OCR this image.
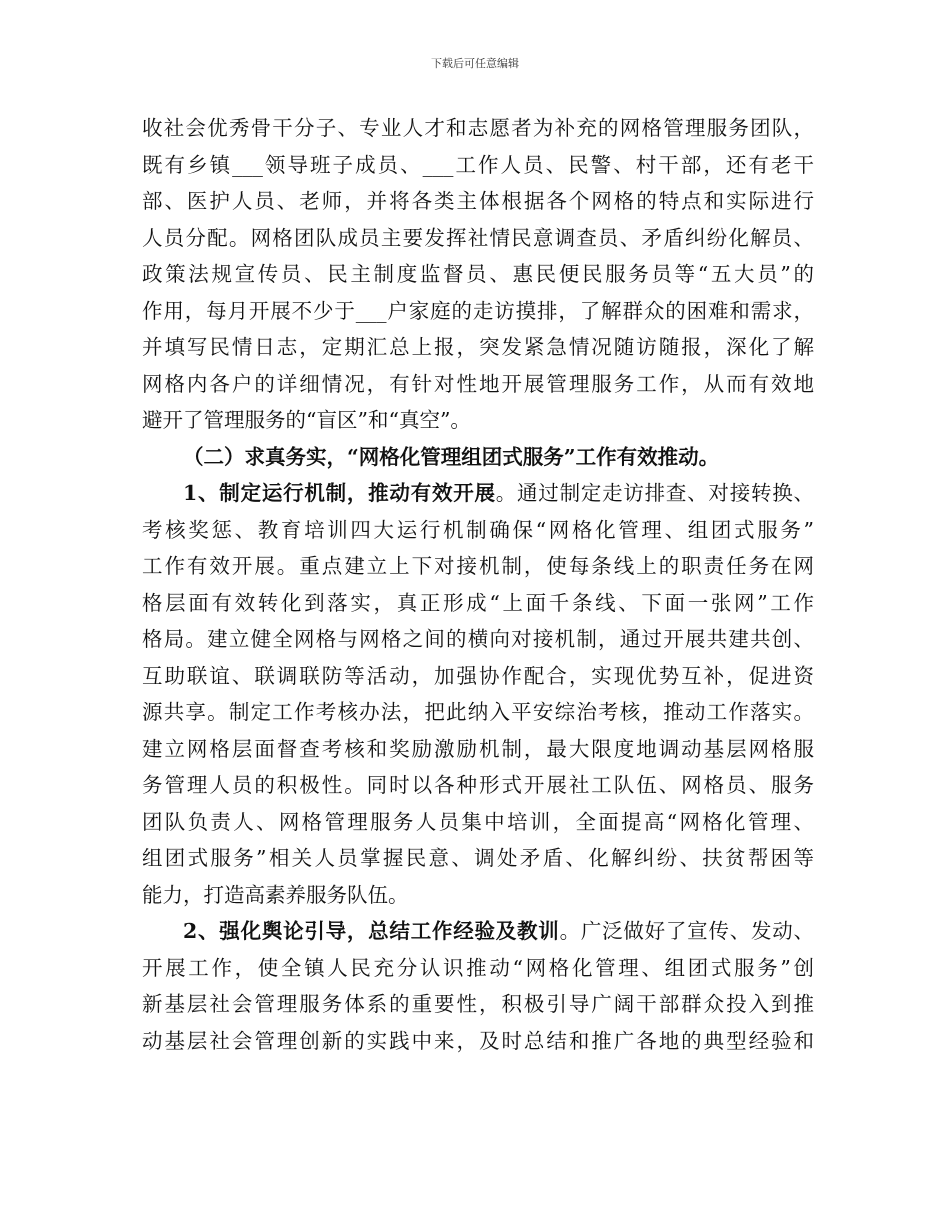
下载后可任意编辑
收社会优秀骨干分子、专业人才和志愿者为补充的网格管理服务团队，
既有乡镇___领导班子成员、___工作人员、民警、村干部，还有老干
部、医护人员、老师，并将各类主体根据各个网格的特点和实际进行
人员分配。网格团队成员主要发挥社情民意调查员、矛盾纠纷化解员、
政策法规宣传员、民主制度监督员、惠民便民服务员等“五大员”的
作用，每月开展不少于___户家庭的走访摸排，了解群众的困难和需求，
并填写民情日志，定期汇总上报，突发紧急情况随访随报，深化了解
网格内各户的详细情况，有针对性地开展管理服务工作，从而有效地
避开了管理服务的“盲区”和“真空”。
（二）求真务实，“网格化管理组团式服务”工作有效推动。
1、制定运行机制，推动有效开展。通过制定走访排查、对接转换、
考核奖惩、教育培训四大运行机制确保“网格化管理、组团式服务”
工作有效开展。重点建立上下对接机制，使每条线上的职责任务在网
格层面有效转化到落实，真正形成“上面千条线、下面一张网”工作
格局。建立健全网格与网格之间的横向对接机制，通过开展共建共创、
互助联谊、联调联防等活动，加强协作配合，实现优势互补，促进资
源共享。制定工作考核办法，把此纳入平安综治考核，推动工作落实。
建立网格层面督查考核和奖励激励机制，最大限度地调动基层网格服
务管理人员的积极性。同时以各种形式开展社工队伍、网格员、服务
团队负责人、网格管理服务人员集中培训，全面提高“网格化管理、
组团式服务”相关人员掌握民意、调处矛盾、化解纠纷、扶贫帮困等
能力，打造高素养服务队伍。
2、强化舆论引导，总结工作经验及教训。广泛做好了宣传、发动、
开展工作，使全镇人民充分认识推动“网格化管理、组团式服务”创
新基层社会管理服务体系的重要性，积极引导广阔干部群众投入到推
动基层社会管理创新的实践中来，及时总结和推广各地的典型经验和
